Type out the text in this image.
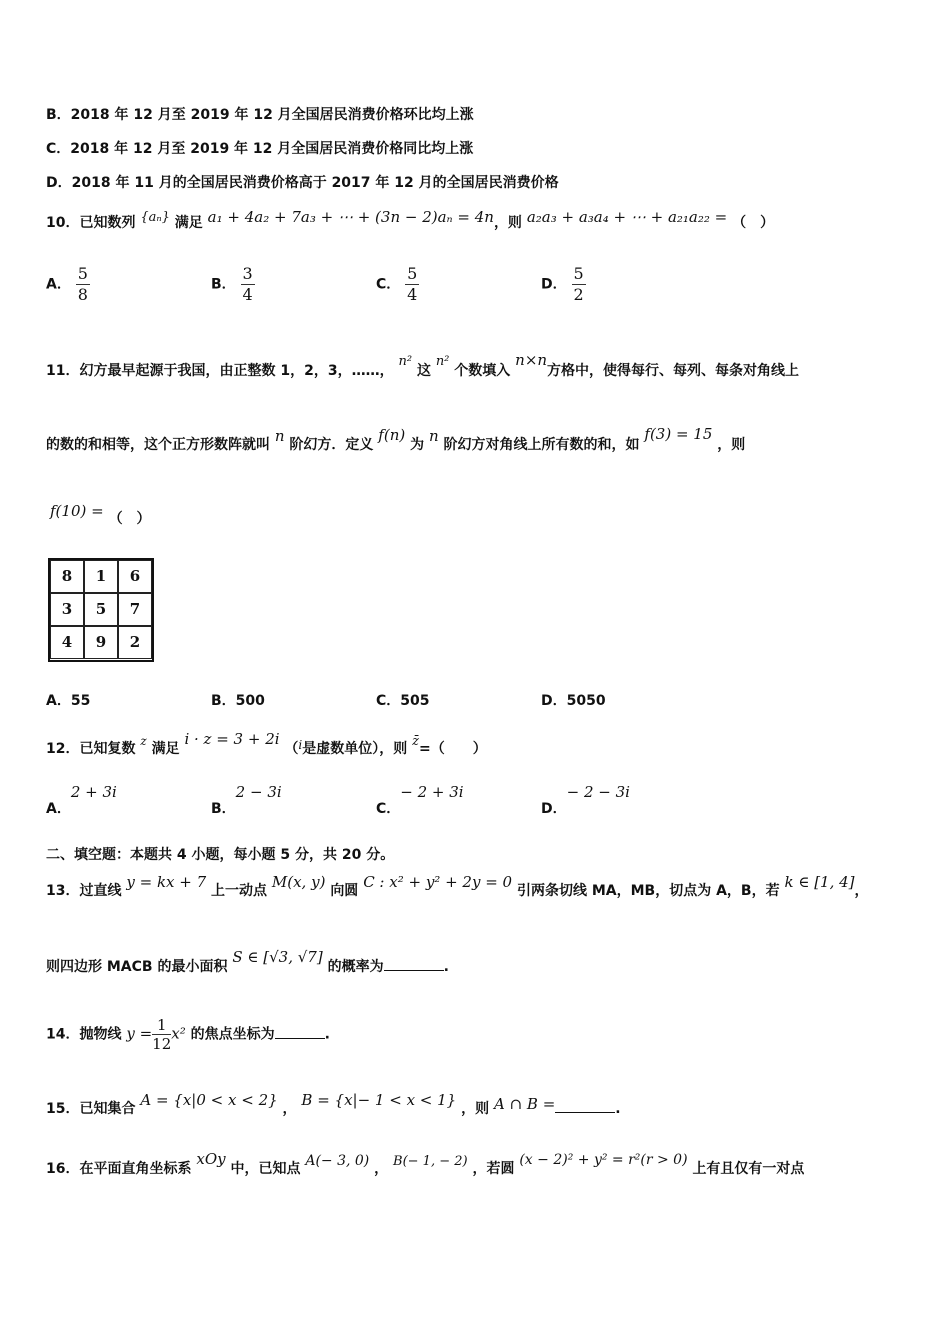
B．2018 年 12 月至 2019 年 12 月全国居民消费价格环比均上涨
C．2018 年 12 月至 2019 年 12 月全国居民消费价格同比均上涨
D．2018 年 11 月的全国居民消费价格高于 2017 年 12 月的全国居民消费价格
10．已知数列 {aₙ} 满足 a₁ + 4a₂ + 7a₃ + ⋯ + (3n − 2)aₙ = 4n，则 a₂a₃ + a₃a₄ + ⋯ + a₂₁a₂₂ = （　）
A． $\frac{5}{8}$	B． $\frac{3}{4}$	C． $\frac{5}{4}$	D． $\frac{5}{2}$
11．幻方最早起源于我国，由正整数 1，2，3，……， n² 这 n² 个数填入 n×n方格中，使得每行、每列、每条对角线上
的数的和相等，这个正方形数阵就叫 n 阶幻方．定义 f(n) 为 n 阶幻方对角线上所有数的和，如 f(3) = 15 ，则
f(10) = （　）
8	1	6
3	5	7
4	9	2
A．55	B．500	C．505	D．5050
12．已知复数 z 满足 i · z = 3 + 2i （i是虚数单位），则 z̄=（　　）
A．2 + 3i
B．2 − 3i
C．− 2 + 3i
D．− 2 − 3i
二、填空题：本题共 4 小题，每小题 5 分，共 20 分。
13．过直线 y = kx + 7 上一动点 M(x, y) 向圆 C : x² + y² + 2y = 0 引两条切线 MA，MB，切点为 A，B，若 k ∈ [1, 4]，
则四边形 MACB 的最小面积 S ∈ [√3, √7] 的概率为	.
14．抛物线 $y = \frac{1}{12} x^2$ 的焦点坐标为	.
15．已知集合 A = {x|0 < x < 2} ， B = {x|− 1 < x < 1} ，则 A ∩ B =	.
16．在平面直角坐标系 xOy 中，已知点 A(− 3, 0) ， B(− 1, − 2) ，若圆 (x − 2)² + y² = r²(r > 0) 上有且仅有一对点
